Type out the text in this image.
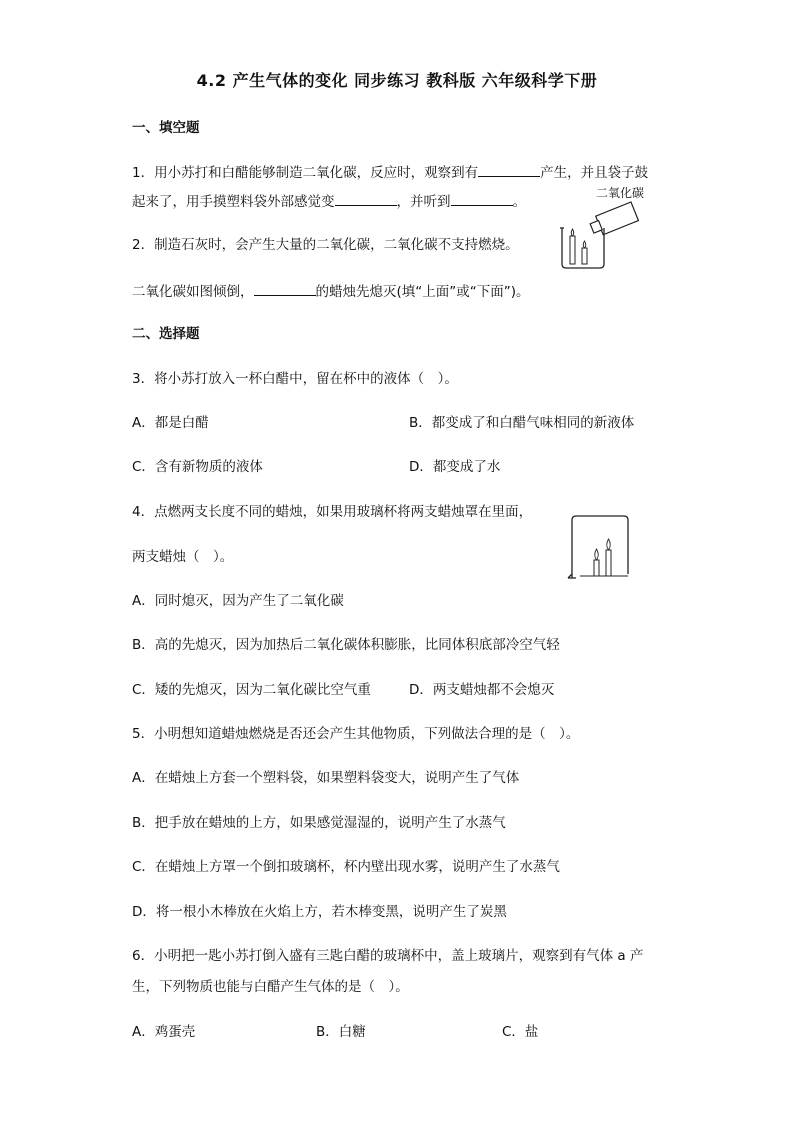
4.2 产生气体的变化 同步练习 教科版 六年级科学下册
一、填空题
1．用小苏打和白醋能够制造二氧化碳，反应时，观察到有	产生，并且袋子鼓
起来了，用手摸塑料袋外部感觉变	，并听到	。
2．制造石灰时，会产生大量的二氧化碳，二氧化碳不支持燃烧。
二氧化碳如图倾倒，	的蜡烛先熄灭(填“上面”或“下面”)。
二氧化碳
二、选择题
3．将小苏打放入一杯白醋中，留在杯中的液体（　）。
A．都是白醋	B．都变成了和白醋气味相同的新液体
C．含有新物质的液体	D．都变成了水
4．点燃两支长度不同的蜡烛，如果用玻璃杯将两支蜡烛罩在里面，
两支蜡烛（　）。
A．同时熄灭，因为产生了二氧化碳
B．高的先熄灭，因为加热后二氧化碳体积膨胀，比同体积底部冷空气轻
C．矮的先熄灭，因为二氧化碳比空气重	D．两支蜡烛都不会熄灭
5．小明想知道蜡烛燃烧是否还会产生其他物质，下列做法合理的是（　）。
A．在蜡烛上方套一个塑料袋，如果塑料袋变大，说明产生了气体
B．把手放在蜡烛的上方，如果感觉湿湿的，说明产生了水蒸气
C．在蜡烛上方罩一个倒扣玻璃杯，杯内壁出现水雾，说明产生了水蒸气
D．将一根小木棒放在火焰上方，若木棒变黑，说明产生了炭黑
6．小明把一匙小苏打倒入盛有三匙白醋的玻璃杯中，盖上玻璃片，观察到有气体 a 产
生，下列物质也能与白醋产生气体的是（　）。
A．鸡蛋壳	B．白糖	C．盐
